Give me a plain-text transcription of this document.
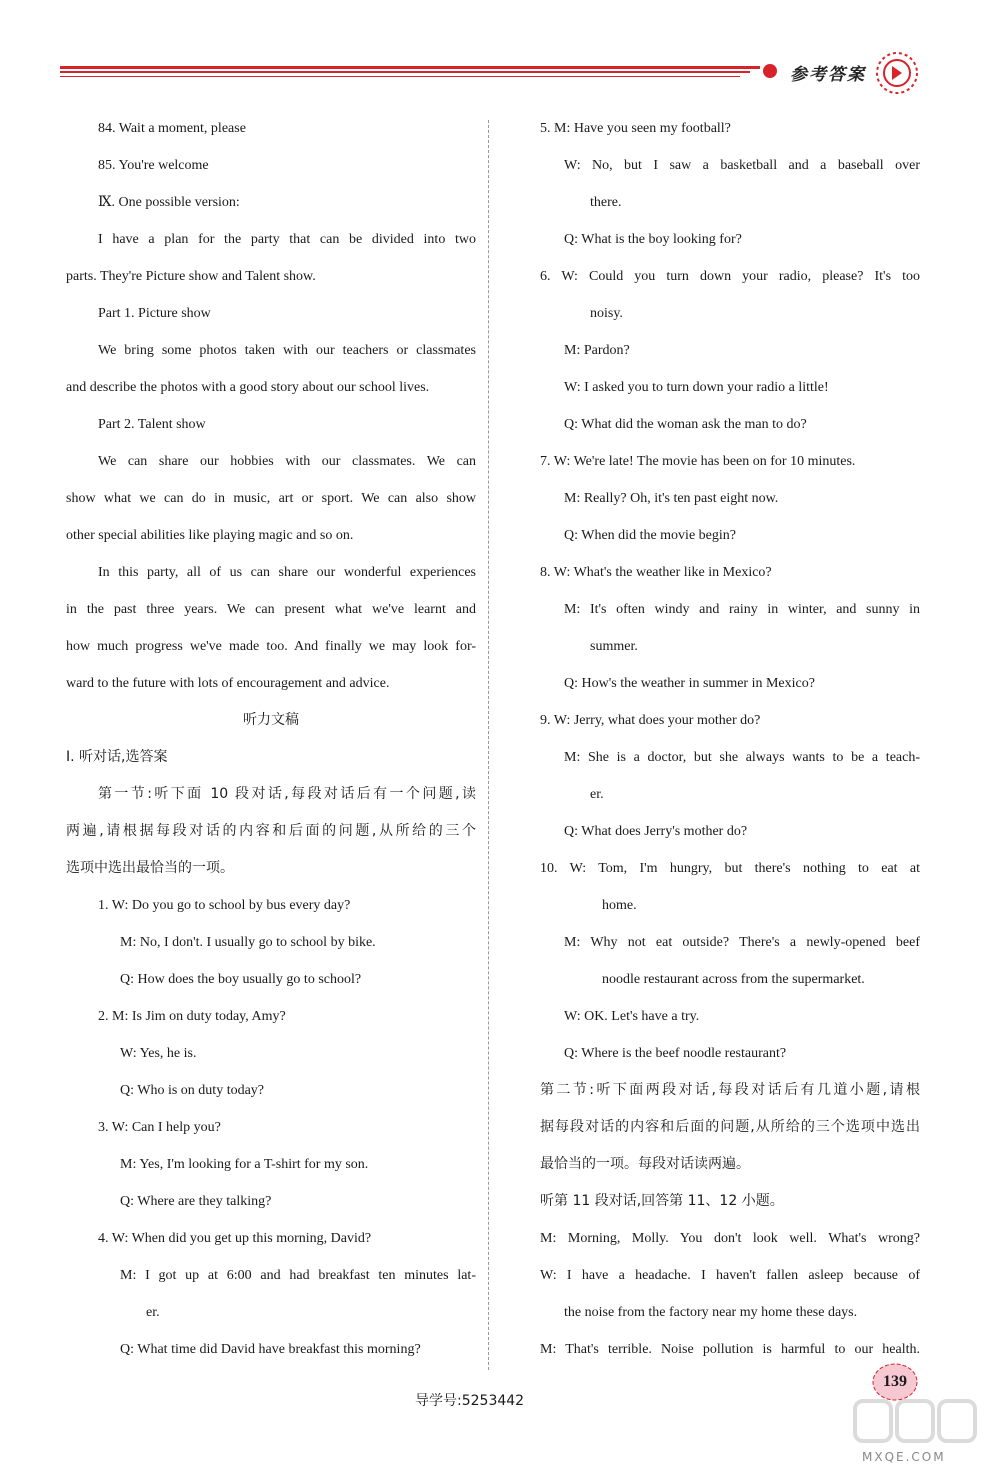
参考答案
84. Wait a moment, please
85. You're welcome
Ⅸ. One possible version:
I have a plan for the party that can be divided into two
parts. They're Picture show and Talent show.
Part 1. Picture show
We bring some photos taken with our teachers or classmates
and describe the photos with a good story about our school lives.
Part 2. Talent show
We can share our hobbies with our classmates. We can
show what we can do in music, art or sport. We can also show
other special abilities like playing magic and so on.
In this party, all of us can share our wonderful experiences
in the past three years. We can present what we've learnt and
how much progress we've made too. And finally we may look for-
ward to the future with lots of encouragement and advice.
听力文稿
Ⅰ. 听对话,选答案
第一节:听下面 10 段对话,每段对话后有一个问题,读
两遍,请根据每段对话的内容和后面的问题,从所给的三个
选项中选出最恰当的一项。
1. W: Do you go to school by bus every day?
M: No, I don't. I usually go to school by bike.
Q: How does the boy usually go to school?
2. M: Is Jim on duty today, Amy?
W: Yes, he is.
Q: Who is on duty today?
3. W: Can I help you?
M: Yes, I'm looking for a T-shirt for my son.
Q: Where are they talking?
4. W: When did you get up this morning, David?
M: I got up at 6:00 and had breakfast ten minutes lat-
er.
Q: What time did David have breakfast this morning?
5. M: Have you seen my football?
W: No, but I saw a basketball and a baseball over
there.
Q: What is the boy looking for?
6. W: Could you turn down your radio, please? It's too
noisy.
M: Pardon?
W: I asked you to turn down your radio a little!
Q: What did the woman ask the man to do?
7. W: We're late! The movie has been on for 10 minutes.
M: Really? Oh, it's ten past eight now.
Q: When did the movie begin?
8. W: What's the weather like in Mexico?
M: It's often windy and rainy in winter, and sunny in
summer.
Q: How's the weather in summer in Mexico?
9. W: Jerry, what does your mother do?
M: She is a doctor, but she always wants to be a teach-
er.
Q: What does Jerry's mother do?
10. W: Tom, I'm hungry, but there's nothing to eat at
home.
M: Why not eat outside? There's a newly-opened beef
noodle restaurant across from the supermarket.
W: OK. Let's have a try.
Q: Where is the beef noodle restaurant?
第二节:听下面两段对话,每段对话后有几道小题,请根
据每段对话的内容和后面的问题,从所给的三个选项中选出
最恰当的一项。每段对话读两遍。
听第 11 段对话,回答第 11、12 小题。
M: Morning, Molly. You don't look well. What's wrong?
W: I have a headache. I haven't fallen asleep because of
the noise from the factory near my home these days.
M: That's terrible. Noise pollution is harmful to our health.
导学号:5253442
139
MXQE.COM
